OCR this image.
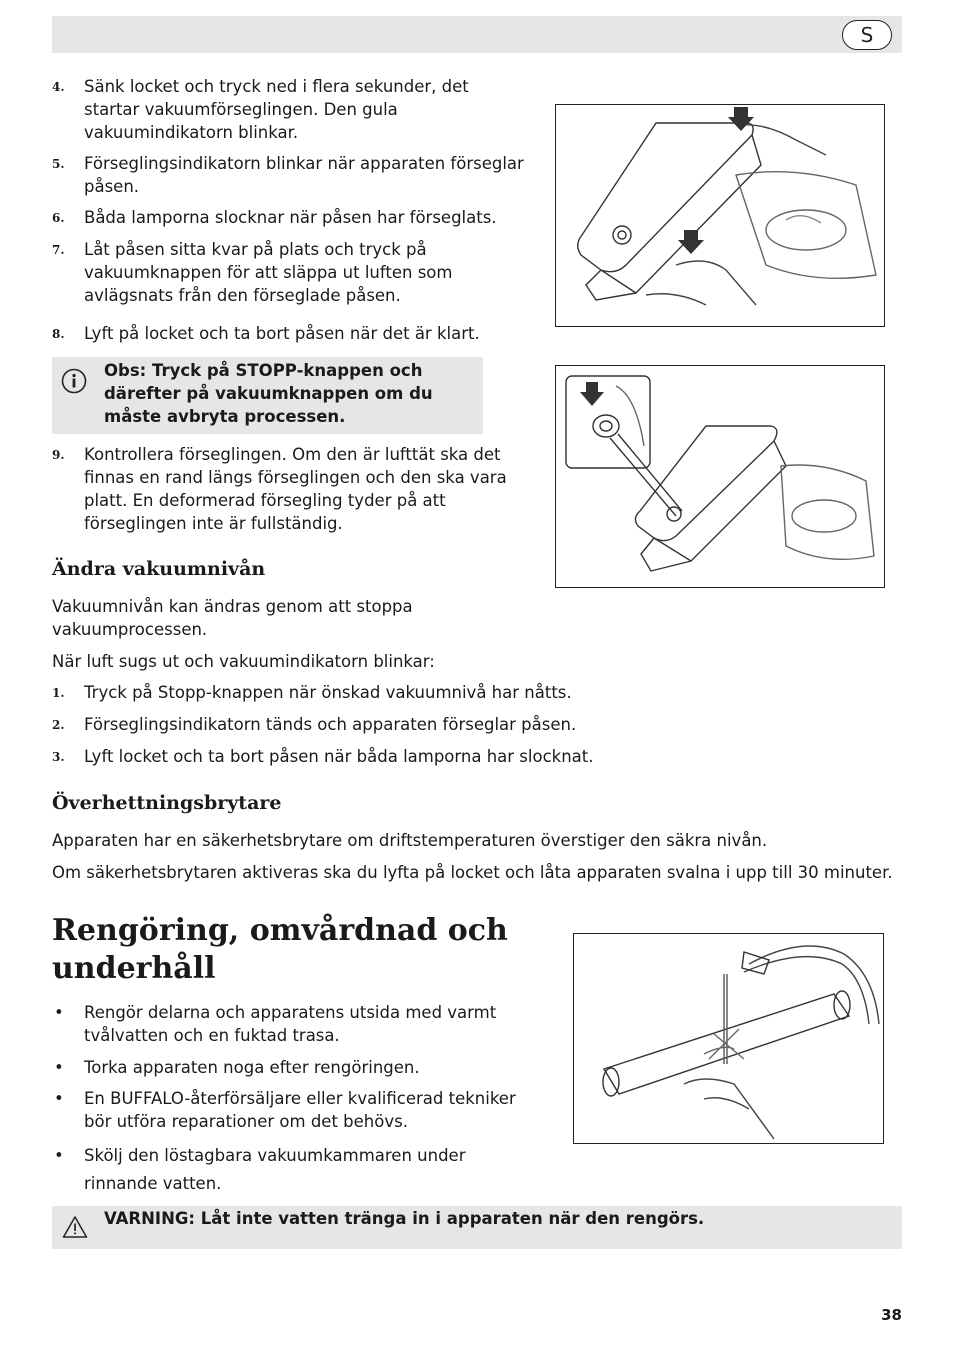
S
4.	Sänk locket och tryck ned i flera sekunder, det startar vakuumförseglingen. Den gula vakuumindikatorn blinkar.
5.	Förseglingsindikatorn blinkar när apparaten förseglar påsen.
6.	Båda lamporna slocknar när påsen har förseglats.
7.	Låt påsen sitta kvar på plats och tryck på vakuumknappen för att släppa ut luften som avlägsnats från den förseglade påsen.
8.	Lyft på locket och ta bort påsen när det är klart.
Obs: Tryck på STOPP-knappen och därefter på vakuumknappen om du måste avbryta processen.
9.	Kontrollera förseglingen. Om den är lufttät ska det finnas en rand längs förseglingen och den ska vara platt. En deformerad försegling tyder på att förseglingen inte är fullständig.
Ändra vakuumnivån
Vakuumnivån kan ändras genom att stoppa vakuumprocessen.
När luft sugs ut och vakuumindikatorn blinkar:
1.	Tryck på Stopp-knappen när önskad vakuumnivå har nåtts.
2.	Förseglingsindikatorn tänds och apparaten förseglar påsen.
3.	Lyft locket och ta bort påsen när båda lamporna har slocknat.
Överhettningsbrytare
Apparaten har en säkerhetsbrytare om driftstemperaturen överstiger den säkra nivån.
Om säkerhetsbrytaren aktiveras ska du lyfta på locket och låta apparaten svalna i upp till 30 minuter.
Rengöring, omvårdnad och underhåll
• Rengör delarna och apparatens utsida med varmt tvålvatten och en fuktad trasa.
• Torka apparaten noga efter rengöringen.
• En BUFFALO-återförsäljare eller kvalificerad tekniker bör utföra reparationer om det behövs.
• Skölj den löstagbara vakuumkammaren under rinnande vatten.
VARNING: Låt inte vatten tränga in i apparaten när den rengörs.
38
